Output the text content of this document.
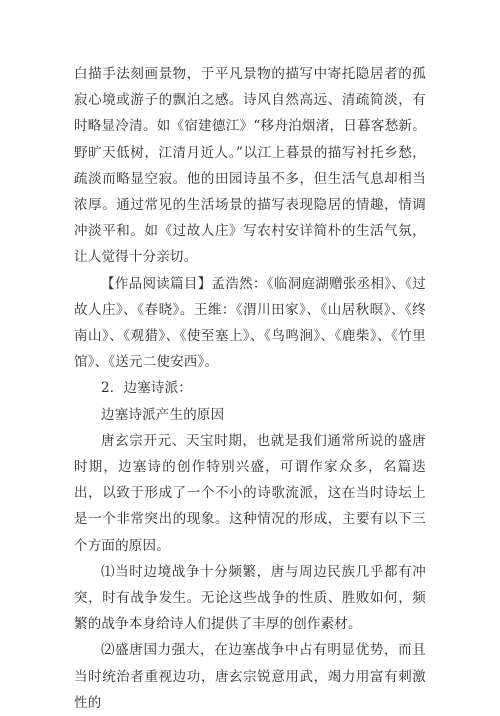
白描手法刻画景物，于平凡景物的描写中寄托隐居者的孤寂心境或游子的飘泊之感。诗风自然高远、清疏简淡，有时略显冷清。如《宿建德江》“移舟泊烟渚，日暮客愁新。野旷天低树，江清月近人。”以江上暮景的描写衬托乡愁，疏淡而略显空寂。他的田园诗虽不多，但生活气息却相当浓厚。通过常见的生活场景的描写表现隐居的情趣，情调冲淡平和。如《过故人庄》写农村安详简朴的生活气氛，让人觉得十分亲切。

【作品阅读篇目】孟浩然：《临洞庭湖赠张丞相》、《过故人庄》、《春晓》。王维：《渭川田家》、《山居秋暝》、《终南山》、《观猎》、《使至塞上》、《鸟鸣涧》、《鹿柴》、《竹里馆》、《送元二使安西》。

2．边塞诗派：

边塞诗派产生的原因

唐玄宗开元、天宝时期，也就是我们通常所说的盛唐时期，边塞诗的创作特别兴盛，可谓作家众多，名篇迭出，以致于形成了一个不小的诗歌流派，这在当时诗坛上是一个非常突出的现象。这种情况的形成，主要有以下三个方面的原因。

⑴当时边境战争十分频繁，唐与周边民族几乎都有冲突，时有战争发生。无论这些战争的性质、胜败如何，频繁的战争本身给诗人们提供了丰厚的创作素材。

⑵盛唐国力强大，在边塞战争中占有明显优势，而且当时统治者重视边功，唐玄宗锐意用武，竭力用富有刺激性的
